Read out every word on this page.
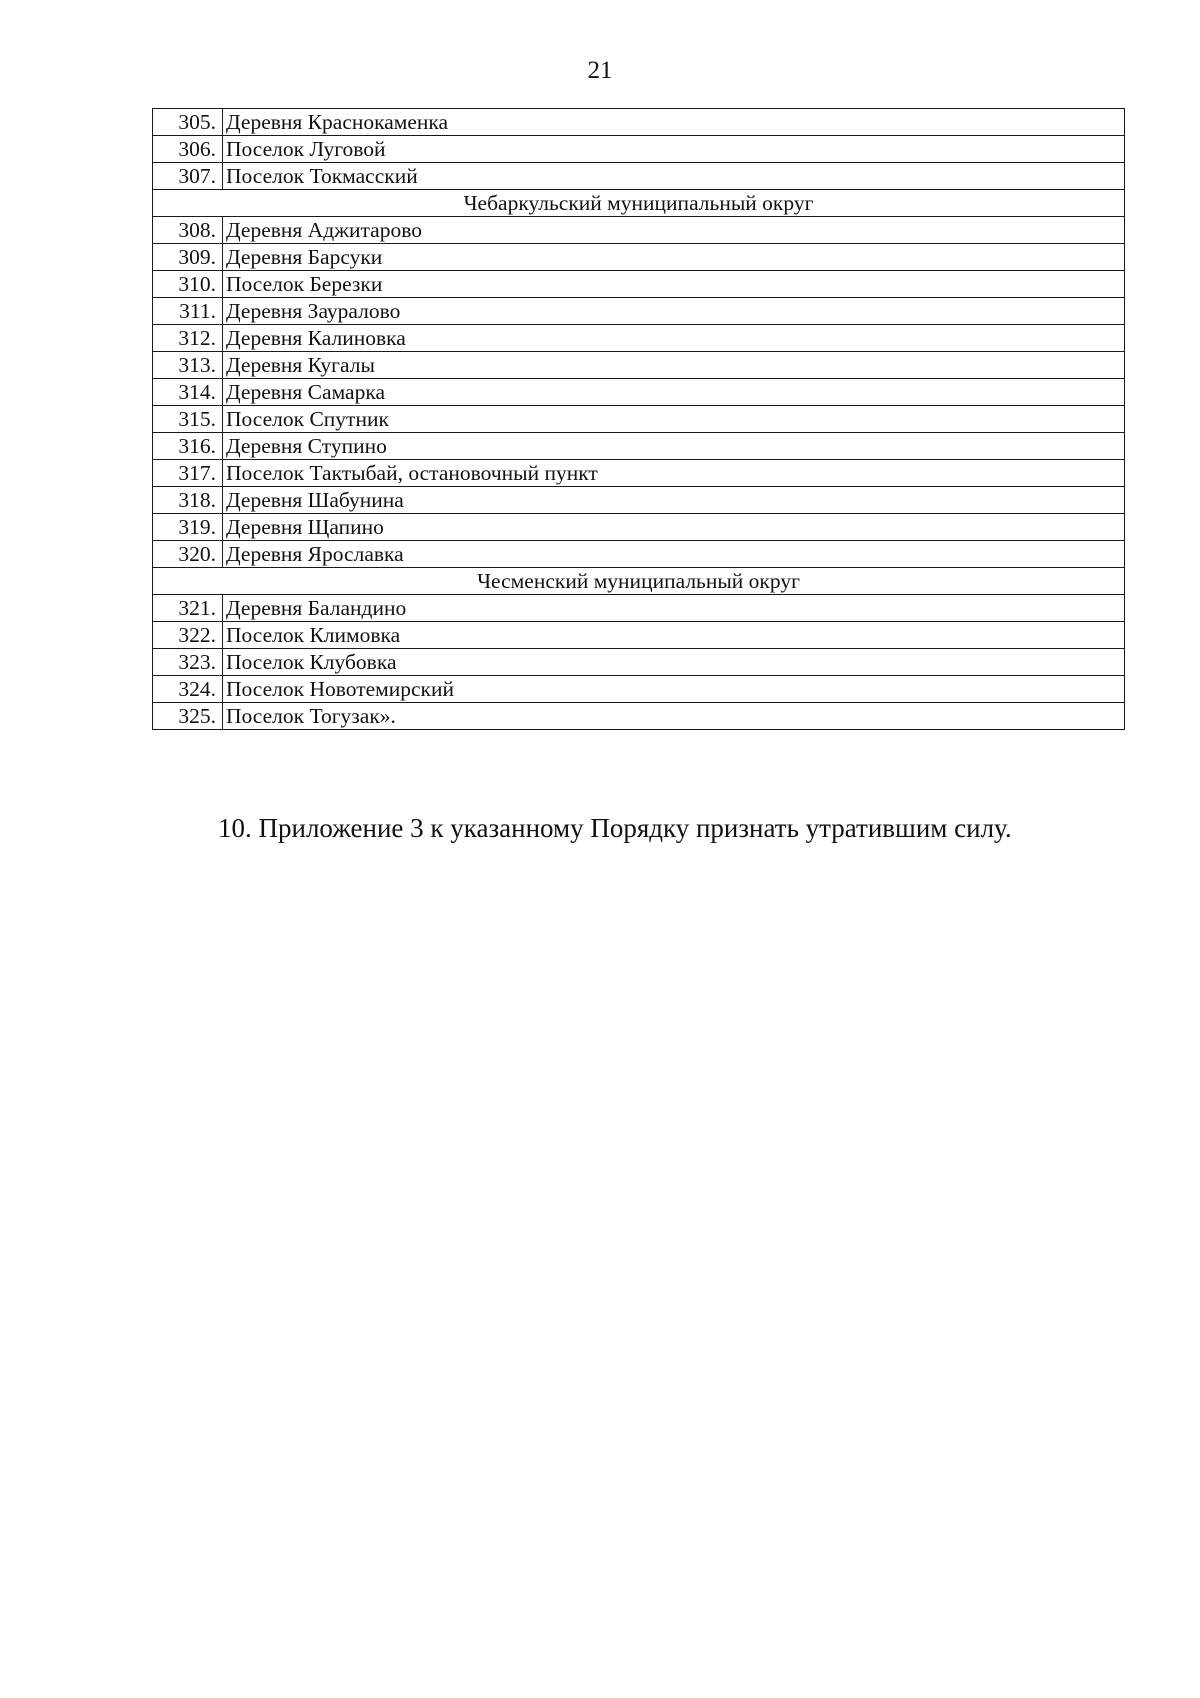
21
305.	Деревня Краснокаменка
306.	Поселок Луговой
307.	Поселок Токмасский
Чебаркульский муниципальный округ	
308.	Деревня Аджитарово
309.	Деревня Барсуки
310.	Поселок Березки
311.	Деревня Зауралово
312.	Деревня Калиновка
313.	Деревня Кугалы
314.	Деревня Самарка
315.	Поселок Спутник
316.	Деревня Ступино
317.	Поселок Тактыбай, остановочный пункт
318.	Деревня Шабунина
319.	Деревня Щапино
320.	Деревня Ярославка
Чесменский муниципальный округ	
321.	Деревня Баландино
322.	Поселок Климовка
323.	Поселок Клубовка
324.	Поселок Новотемирский
325.	Поселок Тогузак».

10. Приложение 3 к указанному Порядку признать утратившим силу.
